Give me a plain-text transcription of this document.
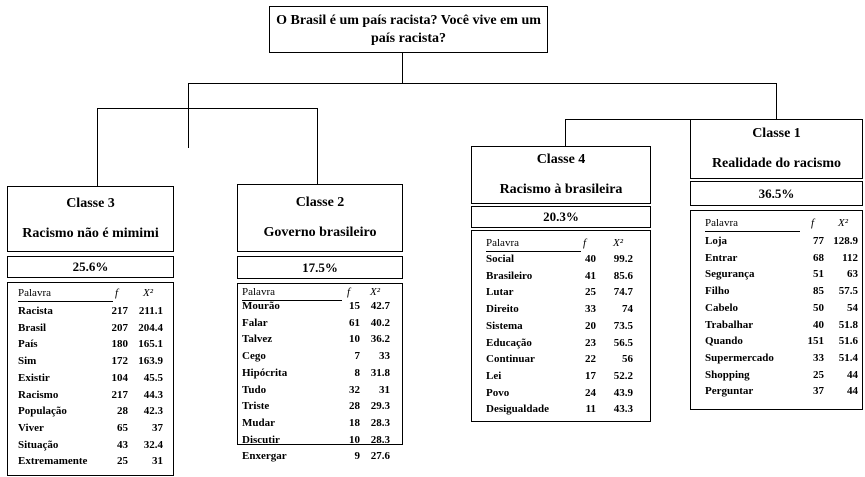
O Brasil é um país racista? Você vive em um país racista?
Classe 3
Racismo não é mimimi
25.6%
Palavra	f X²
Racista	217 211.1
Brasil	207 204.4
País	180 165.1
Sim	172 163.9
Existir	104 45.5
Racismo	217 44.3
População	28 42.3
Viver	65 37
Situação	43 32.4
Extremamente	25 31
Classe 2
Governo brasileiro
17.5%
Palavra	f X²
Mourão	15 42.7
Falar	61 40.2
Talvez	10 36.2
Cego	7 33
Hipócrita	8 31.8
Tudo	32 31
Triste	28 29.3
Mudar	18 28.3
Discutir	10 28.3
Enxergar	9 27.6
Classe 4
Racismo à brasileira
20.3%
Palavra	f X²
Social	40 99.2
Brasileiro	41 85.6
Lutar	25 74.7
Direito	33 74
Sistema	20 73.5
Educação	23 56.5
Continuar	22 56
Lei	17 52.2
Povo	24 43.9
Desigualdade	11 43.3
Classe 1
Realidade do racismo
36.5%
Palavra	f X²
Loja	77 128.9
Entrar	68 112
Segurança	51 63
Filho	85 57.5
Cabelo	50 54
Trabalhar	40 51.8
Quando	151 51.6
Supermercado	33 51.4
Shopping	25 44
Perguntar	37 44
